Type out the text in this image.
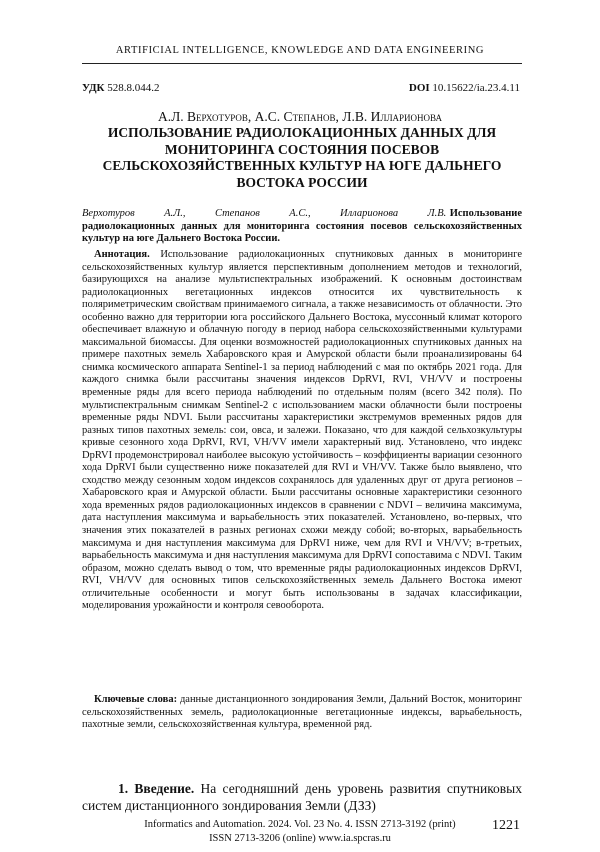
ARTIFICIAL INTELLIGENCE, KNOWLEDGE AND DATA ENGINEERING
УДК 528.8.044.2	DOI 10.15622/ia.23.4.11
А.Л. Верхотуров, А.С. Степанов, Л.В. Илларионова
ИСПОЛЬЗОВАНИЕ РАДИОЛОКАЦИОННЫХ ДАННЫХ ДЛЯ МОНИТОРИНГА СОСТОЯНИЯ ПОСЕВОВ СЕЛЬСКОХОЗЯЙСТВЕННЫХ КУЛЬТУР НА ЮГЕ ДАЛЬНЕГО ВОСТОКА РОССИИ
Верхотуров А.Л., Степанов А.С., Илларионова Л.В. Использование радиолокационных данных для мониторинга состояния посевов сельскохозяйственных культур на юге Дальнего Востока России.

Аннотация. Использование радиолокационных спутниковых данных в мониторинге сельскохозяйственных культур является перспективным дополнением методов и технологий, базирующихся на анализе мультиспектральных изображений. К основным достоинствам радиолокационных вегетационных индексов относится их чувствительность к поляриметрическим свойствам принимаемого сигнала, а также независимость от облачности. Это особенно важно для территории юга российского Дальнего Востока, муссонный климат которого обеспечивает влажную и облачную погоду в период набора сельскохозяйственными культурами максимальной биомассы. Для оценки возможностей радиолокационных спутниковых данных на примере пахотных земель Хабаровского края и Амурской области были проанализированы 64 снимка космического аппарата Sentinel-1 за период наблюдений с мая по октябрь 2021 года. Для каждого снимка были рассчитаны значения индексов DpRVI, RVI, VH/VV и построены временные ряды для всего периода наблюдений по отдельным полям (всего 342 поля). По мультиспектральным снимкам Sentinel-2 с использованием маски облачности были построены временные ряды NDVI. Были рассчитаны характеристики экстремумов временных рядов для разных типов пахотных земель: сои, овса, и залежи. Показано, что для каждой сельхозкультуры кривые сезонного хода DpRVI, RVI, VH/VV имели характерный вид. Установлено, что индекс DpRVI продемонстрировал наиболее высокую устойчивость – коэффициенты вариации сезонного хода DpRVI были существенно ниже показателей для RVI и VH/VV. Также было выявлено, что сходство между сезонным ходом индексов сохранялось для удаленных друг от друга регионов – Хабаровского края и Амурской области. Были рассчитаны основные характеристики сезонного хода временных рядов радиолокационных индексов в сравнении с NDVI – величина максимума, дата наступления максимума и варьабельность этих показателей. Установлено, во-первых, что значения этих показателей в разных регионах схожи между собой; во-вторых, варьабельность максимума и дня наступления максимума для DpRVI ниже, чем для RVI и VH/VV; в-третьих, варьабельность максимума и дня наступления максимума для DpRVI сопоставима с NDVI. Таким образом, можно сделать вывод о том, что временные ряды радиолокационных индексов DpRVI, RVI, VH/VV для основных типов сельскохозяйственных земель Дальнего Востока имеют отличительные особенности и могут быть использованы в задачах классификации, моделирования урожайности и контроля севооборота.

Ключевые слова: данные дистанционного зондирования Земли, Дальний Восток, мониторинг сельскохозяйственных земель, радиолокационные вегетационные индексы, варьабельность, пахотные земли, сельскохозяйственная культура, временной ряд.

1. Введение. На сегодняшний день уровень развития спутниковых систем дистанционного зондирования Земли (ДЗЗ)

Informatics and Automation. 2024. Vol. 23 No. 4. ISSN 2713-3192 (print)
ISSN 2713-3206 (online) www.ia.spcras.ru
1221
